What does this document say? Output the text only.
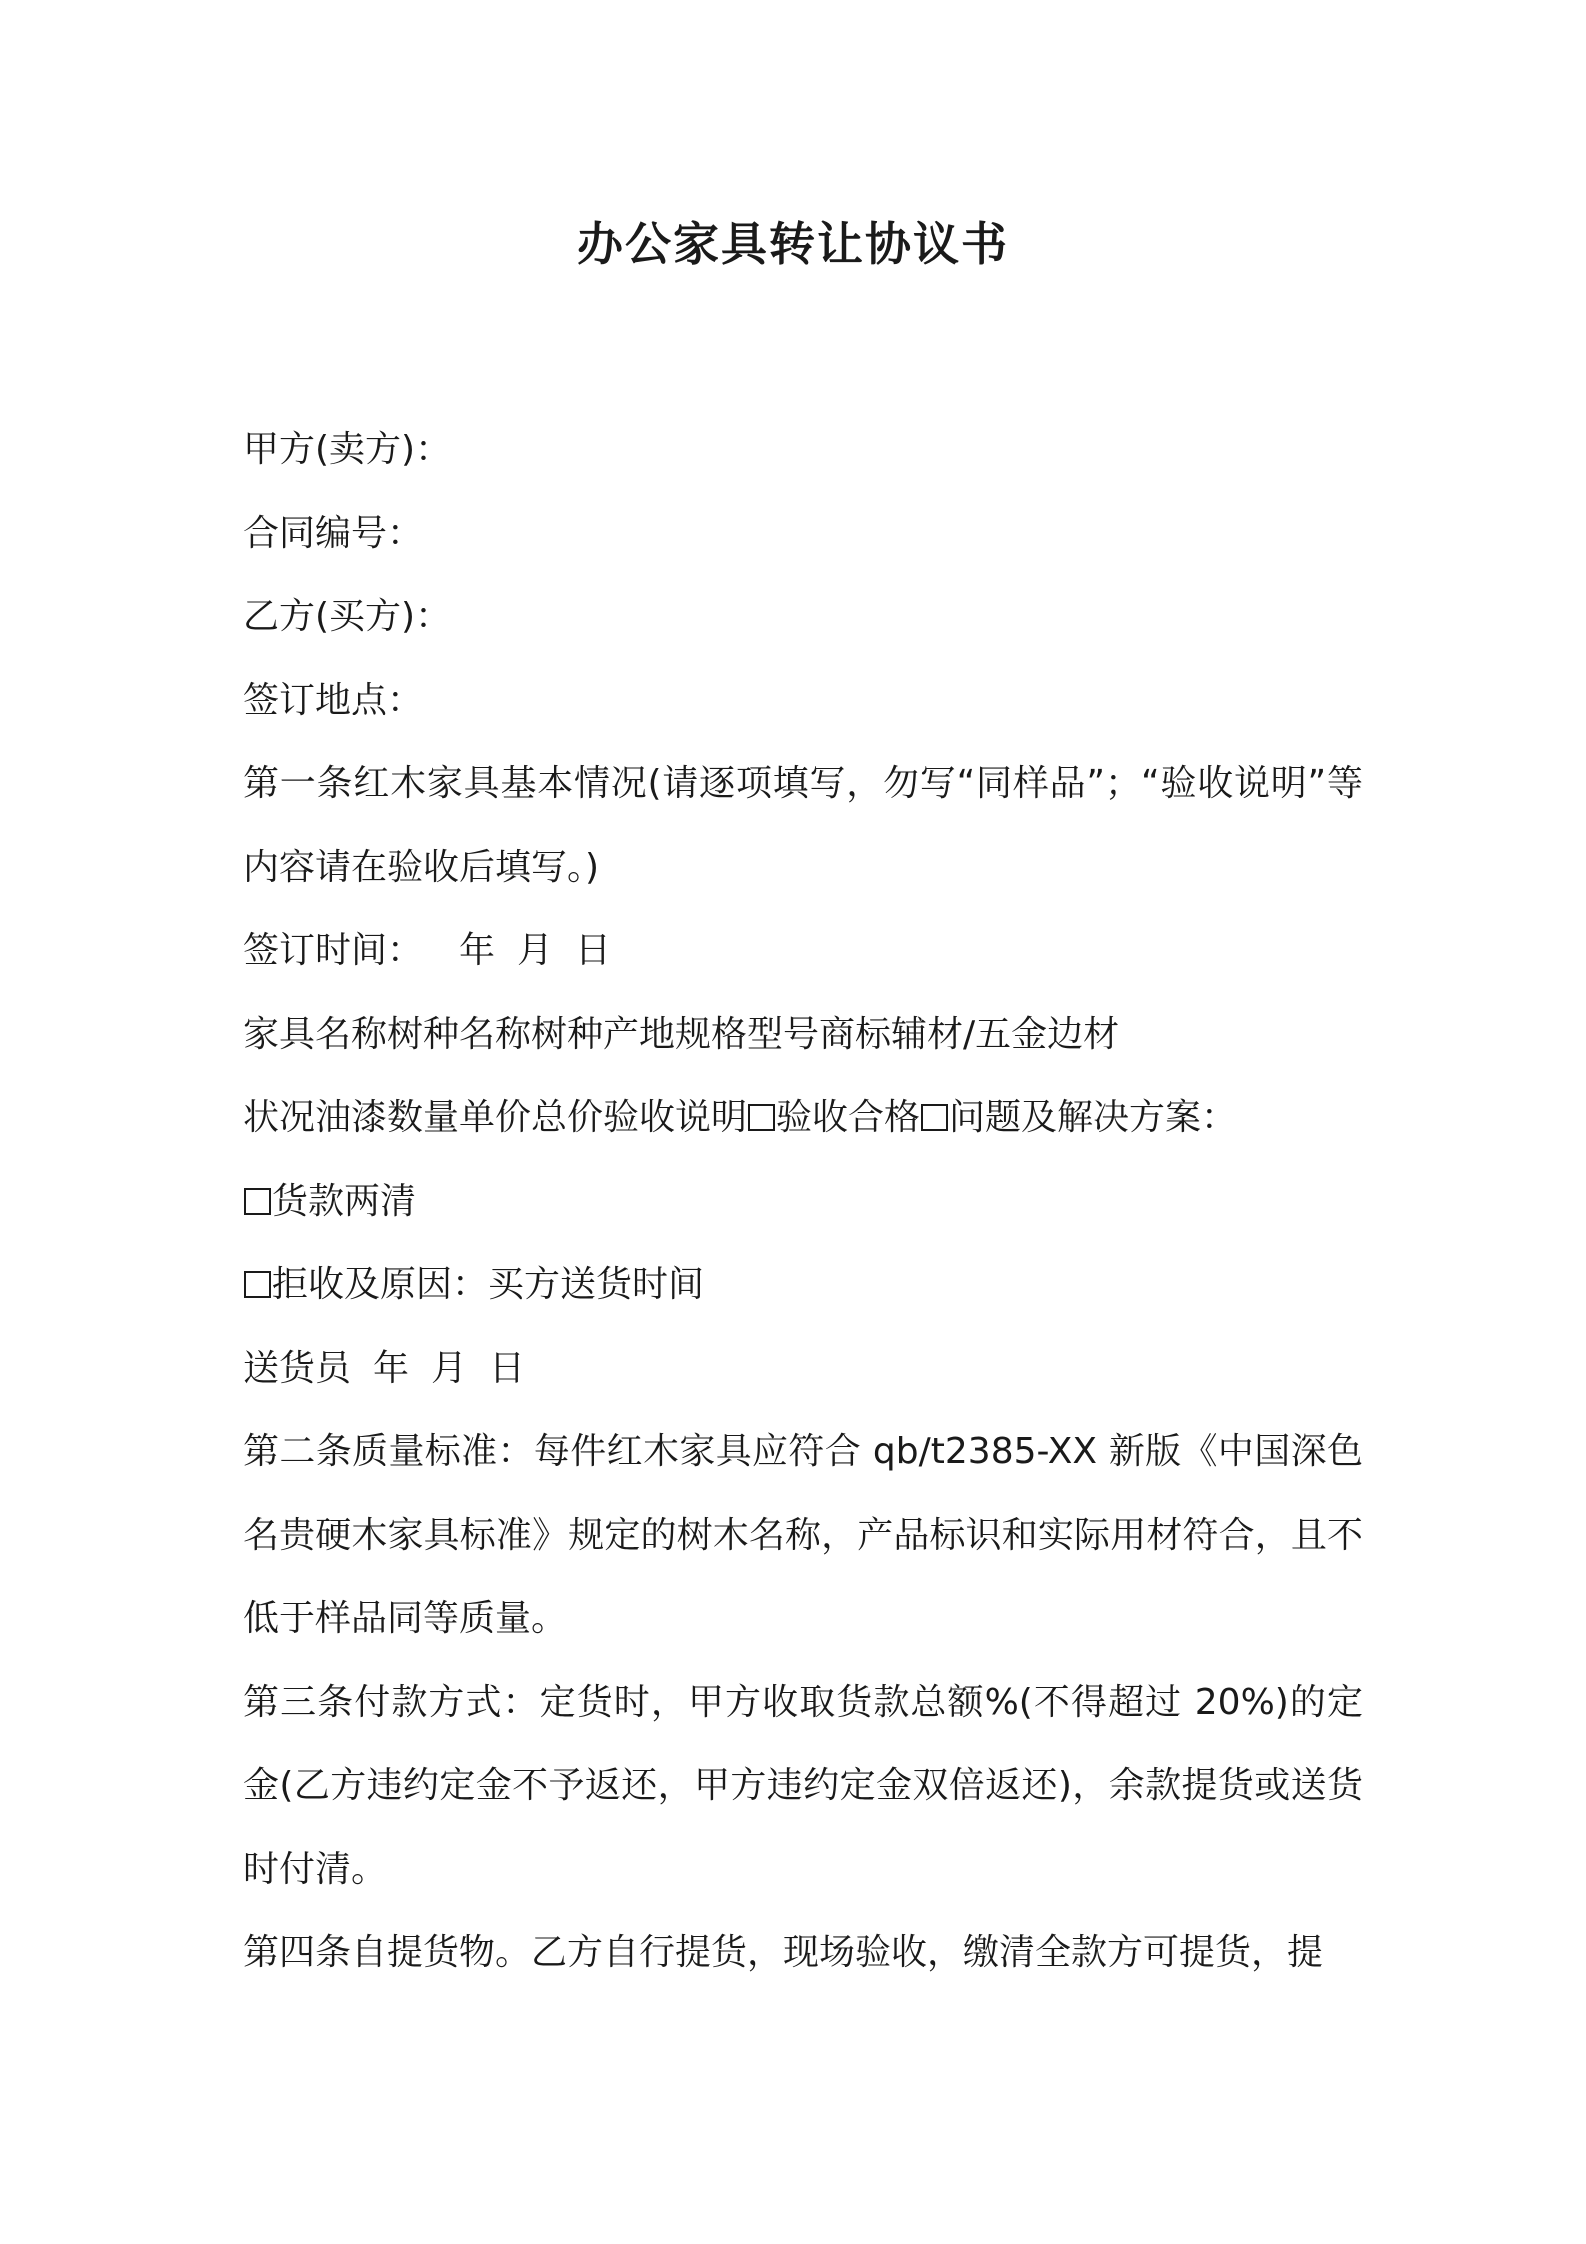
办公家具转让协议书
甲方(卖方)：
合同编号：
乙方(买方)：
签订地点：
第一条红木家具基本情况(请逐项填写，勿写“同样品”；“验收说明”等内容请在验收后填写。)
签订时间： 年 月 日
家具名称树种名称树种产地规格型号商标辅材/五金边材
状况油漆数量单价总价验收说明 验收合格 问题及解决方案：
货款两清
拒收及原因：买方送货时间
送货员 年 月 日
第二条质量标准：每件红木家具应符合 qb/t2385-XX 新版《中国深色名贵硬木家具标准》规定的树木名称，产品标识和实际用材符合，且不低于样品同等质量。
第三条付款方式：定货时，甲方收取货款总额%(不得超过 20%)的定金(乙方违约定金不予返还，甲方违约定金双倍返还)，余款提货或送货时付清。
第四条自提货物。乙方自行提货，现场验收，缴清全款方可提货，提
